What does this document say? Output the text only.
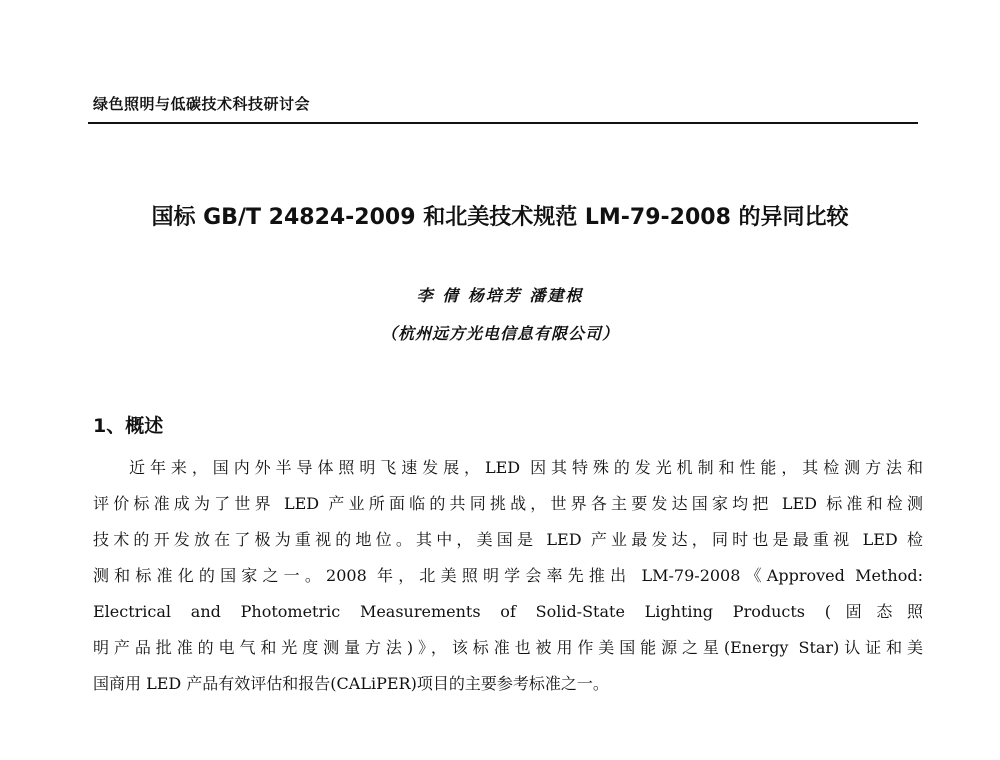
绿色照明与低碳技术科技研讨会
国标 GB/T 24824-2009 和北美技术规范 LM-79-2008 的异同比较
李 倩 杨培芳 潘建根
（杭州远方光电信息有限公司）
1、概述
近年来，国内外半导体照明飞速发展，LED 因其特殊的发光机制和性能，其检测方法和
评价标准成为了世界 LED 产业所面临的共同挑战，世界各主要发达国家均把 LED 标准和检测
技术的开发放在了极为重视的地位。其中，美国是 LED 产业最发达，同时也是最重视 LED 检
测和标准化的国家之一。2008 年，北美照明学会率先推出 LM-79-2008《Approved Method:
Electrical and Photometric Measurements of Solid-State Lighting Products (固态照
明产品批准的电气和光度测量方法)》，该标准也被用作美国能源之星(Energy Star)认证和美
国商用 LED 产品有效评估和报告(CALiPER)项目的主要参考标准之一。
